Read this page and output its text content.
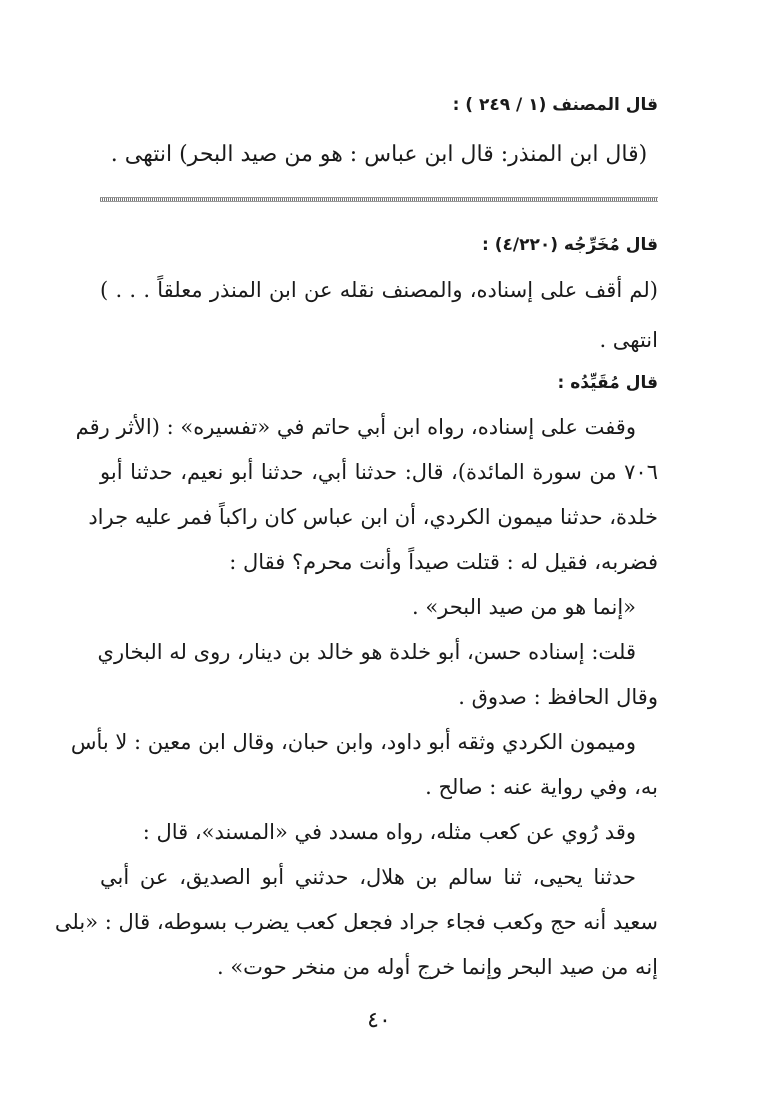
قال المصنف (١ / ٢٤٩ ) :
(قال ابن المنذر: قال ابن عباس : هو من صيد البحر) انتهى .
قال مُخَرِّجُه (٤/٢٢٠) :
(لم أقف على إسناده، والمصنف نقله عن ابن المنذر معلقاً . . . )
انتهى .
قال مُقَيِّدُه :
وقفت على إسناده، رواه ابن أبي حاتم في «تفسيره» : (الأثر رقم
٧٠٦ من سورة المائدة)، قال: حدثنا أبي، حدثنا أبو نعيم، حدثنا أبو
خلدة، حدثنا ميمون الكردي، أن ابن عباس كان راكباً فمر عليه جراد
فضربه، فقيل له : قتلت صيداً وأنت محرم؟ فقال :
«إنما هو من صيد البحر» .
قلت: إسناده حسن، أبو خلدة هو خالد بن دينار، روى له البخاري
وقال الحافظ : صدوق .
وميمون الكردي وثقه أبو داود، وابن حبان، وقال ابن معين : لا بأس
به، وفي رواية عنه : صالح .
وقد رُوي عن كعب مثله، رواه مسدد في «المسند»، قال :
حدثنا يحيى، ثنا سالم بن هلال، حدثني أبو الصديق، عن أبي
سعيد أنه حج وكعب فجاء جراد فجعل كعب يضرب بسوطه، قال : «بلى
إنه من صيد البحر وإنما خرج أوله من منخر حوت» .
٤٠
